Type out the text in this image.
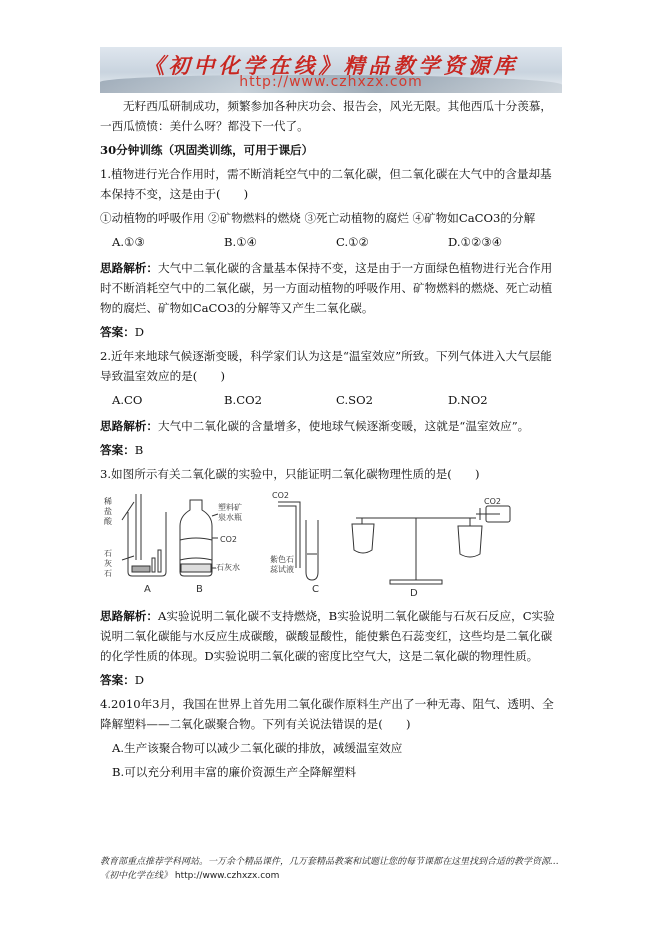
《初中化学在线》精品教学资源库
http://www.czhxzx.com

无籽西瓜研制成功，频繁参加各种庆功会、报告会，风光无限。其他西瓜十分羡慕，一西瓜愤愤：美什么呀？都没下一代了。

30分钟训练（巩固类训练，可用于课后）

1.植物进行光合作用时，需不断消耗空气中的二氧化碳，但二氧化碳在大气中的含量却基本保持不变，这是由于(　　)

①动植物的呼吸作用 ②矿物燃料的燃烧 ③死亡动植物的腐烂 ④矿物如CaCO3的分解

A.①③	B.①④	C.①②	D.①②③④

思路解析：大气中二氧化碳的含量基本保持不变，这是由于一方面绿色植物进行光合作用时不断消耗空气中的二氧化碳，另一方面动植物的呼吸作用、矿物燃料的燃烧、死亡动植物的腐烂、矿物如CaCO3的分解等又产生二氧化碳。

答案：D

2.近年来地球气候逐渐变暖，科学家们认为这是“温室效应”所致。下列气体进入大气层能导致温室效应的是(　　)

A.CO	B.CO2	C.SO2	D.NO2

思路解析：大气中二氧化碳的含量增多，使地球气候逐渐变暖，这就是“温室效应”。

答案：B

3.如图所示有关二氧化碳的实验中，只能证明二氧化碳物理性质的是(　　)

稀
盐
酸
石
灰
石
A
塑料矿
泉水瓶
CO2
石灰水
B
CO2
紫色石
蕊试液
C
CO2
D

思路解析：A实验说明二氧化碳不支持燃烧，B实验说明二氧化碳能与石灰石反应，C实验说明二氧化碳能与水反应生成碳酸，碳酸显酸性，能使紫色石蕊变红，这些均是二氧化碳的化学性质的体现。D实验说明二氧化碳的密度比空气大，这是二氧化碳的物理性质。

答案：D

4.2010年3月，我国在世界上首先用二氧化碳作原料生产出了一种无毒、阻气、透明、全降解塑料——二氧化碳聚合物。下列有关说法错误的是(　　)

A.生产该聚合物可以减少二氧化碳的排放，减缓温室效应

B.可以充分利用丰富的廉价资源生产全降解塑料

教育部重点推荐学科网站。一万余个精品课件，几万套精品教案和试题让您的每节课都在这里找到合适的教学资源…《初中化学在线》 http://www.czhxzx.com
